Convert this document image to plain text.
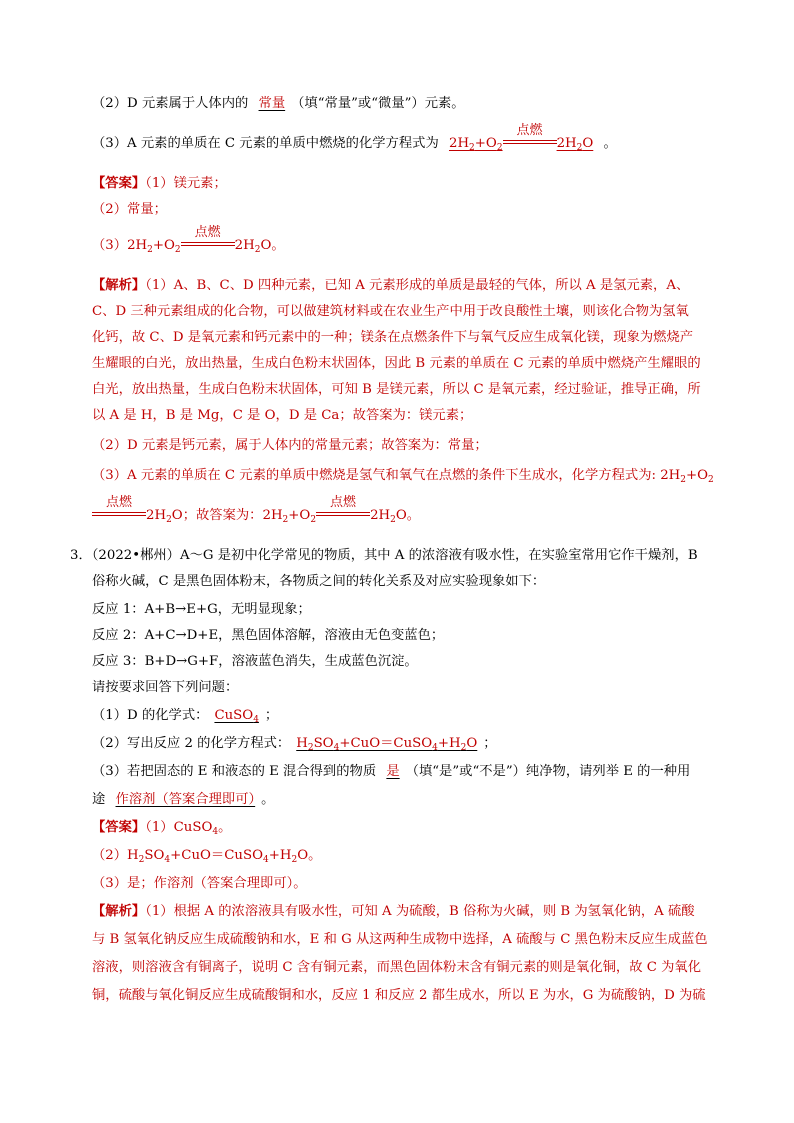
（2）D 元素属于人体内的 常量 （填“常量”或“微量”）元素。
（3）A 元素的单质在 C 元素的单质中燃烧的化学方程式为 $2H_2+O_2$
点燃
$2H_2O$ 。
【答案】（1）镁元素；
（2）常量；
$(3)2H_2+O_2$
点燃
$2H_2O$。
【解析】（1）A、B、C、D 四种元素，已知 A 元素形成的单质是最轻的气体，所以 A 是氢元素，A、
C、D 三种元素组成的化合物，可以做建筑材料或在农业生产中用于改良酸性土壤，则该化合物为氢氧
化钙，故 C、D 是氧元素和钙元素中的一种；镁条在点燃条件下与氧气反应生成氧化镁，现象为燃烧产
生耀眼的白光，放出热量，生成白色粉末状固体，因此 B 元素的单质在 C 元素的单质中燃烧产生耀眼的
白光，放出热量，生成白色粉末状固体，可知 B 是镁元素，所以 C 是氧元素，经过验证，推导正确，所
以 A 是 H，B 是 Mg，C 是 O，D 是 Ca；故答案为：镁元素；
（2）D 元素是钙元素，属于人体内的常量元素；故答案为：常量；
（3）A 元素的单质在 C 元素的单质中燃烧是氢气和氧气在点燃的条件下生成水，化学方程式为: $2H_2+O_2$
点燃
$2H_2O$；故答案为：$2H_2+O_2$
点燃
$2H_2O$。
3．（2022•郴州）A～G 是初中化学常见的物质，其中 A 的浓溶液有吸水性，在实验室常用它作干燥剂，B
俗称火碱，C 是黑色固体粉末，各物质之间的转化关系及对应实验现象如下：
反应 1：A+B→E+G，无明显现象；
反应 2：A+C→D+E，黑色固体溶解，溶液由无色变蓝色；
反应 3：B+D→G+F，溶液蓝色消失，生成蓝色沉淀。
请按要求回答下列问题：
（1）D 的化学式： CuSO$_4$ ；
（2）写出反应 2 的化学方程式： $H_2SO_4+CuO=CuSO_4+H_2O$ ；
（3）若把固态的 E 和液态的 E 混合得到的物质 是 （填“是”或“不是”）纯净物，请列举 E 的一种用
途 作溶剂（答案合理即可） 。
【答案】（1）CuSO$_4$。
$(2)H_2SO_4+CuO=CuSO_4+H_2O$。
（3）是；作溶剂（答案合理即可）。
【解析】（1）根据 A 的浓溶液具有吸水性，可知 A 为硫酸，B 俗称为火碱，则 B 为氢氧化钠，A 硫酸
与 B 氢氧化钠反应生成硫酸钠和水，E 和 G 从这两种生成物中选择，A 硫酸与 C 黑色粉末反应生成蓝色
溶液，则溶液含有铜离子，说明 C 含有铜元素，而黑色固体粉末含有铜元素的则是氧化铜，故 C 为氧化
铜，硫酸与氧化铜反应生成硫酸铜和水，反应 1 和反应 2 都生成水，所以 E 为水，G 为硫酸钠，D 为硫
